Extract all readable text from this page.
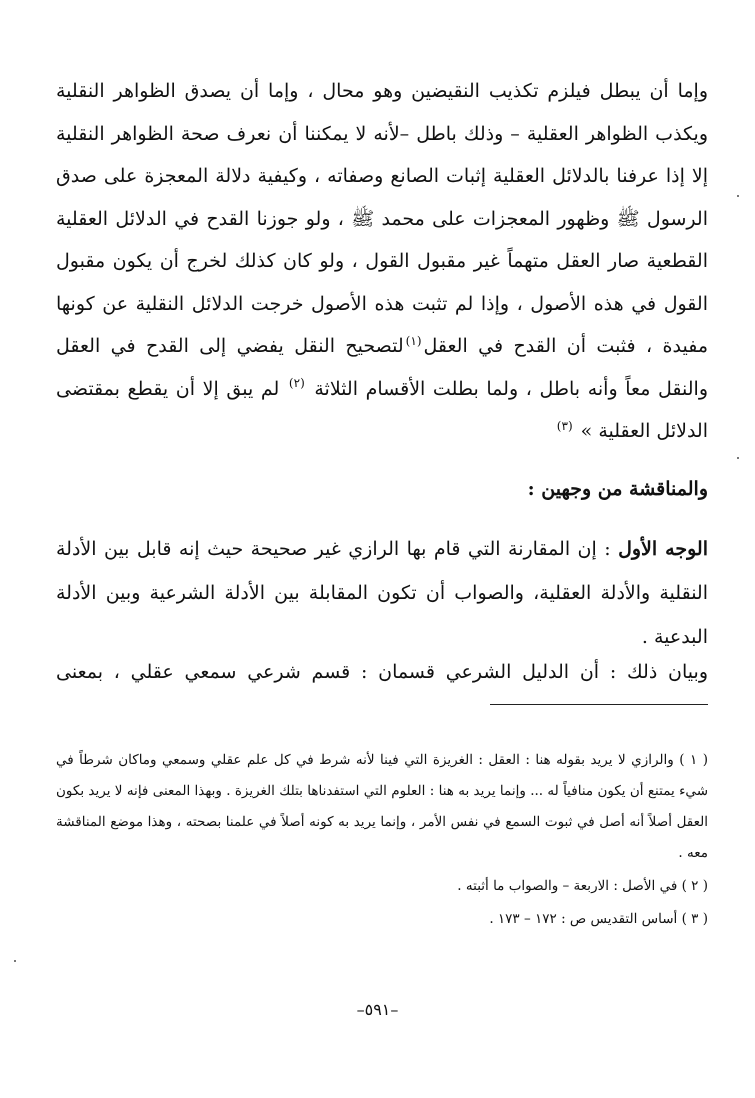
وإما أن يبطل فيلزم تكذيب النقيضين وهو محال ، وإما أن يصدق الظواهر النقلية ويكذب الظواهر العقلية – وذلك باطل –لأنه لا يمكننا أن نعرف صحة الظواهر النقلية إلا إذا عرفنا بالدلائل العقلية إثبات الصانع وصفاته ، وكيفية دلالة المعجزة على صدق الرسول ﷺ وظهور المعجزات على محمد ﷺ ، ولو جوزنا القدح في الدلائل العقلية القطعية صار العقل متهماً غير مقبول القول ، ولو كان كذلك لخرج أن يكون مقبول القول في هذه الأصول ، وإذا لم تثبت هذه الأصول خرجت الدلائل النقلية عن كونها مفيدة ، فثبت أن القدح في العقل$^{(١)}$لتصحيح النقل يفضي إلى القدح في العقل والنقل معاً وأنه باطل ، ولما بطلت الأقسام الثلاثة $^{(٢)}$ لم يبق إلا أن يقطع بمقتضى الدلائل العقلية » $^{(٣)}$

والمناقشة من وجهين :

الوجه الأول : إن المقارنة التي قام بها الرازي غير صحيحة حيث إنه قابل بين الأدلة النقلية والأدلة العقلية، والصواب أن تكون المقابلة بين الأدلة الشرعية وبين الأدلة البدعية .

وبيان ذلك : أن الدليل الشرعي قسمان : قسم شرعي سمعي عقلي ، بمعنى

( ١ ) والرازي لا يريد بقوله هنا : العقل : الغريزة التي فينا لأنه شرط في كل علم عقلي وسمعي وماكان شرطاً في شيء يمتنع أن يكون منافياً له ... وإنما يريد به هنا : العلوم التي استفدناها بتلك الغريزة . وبهذا المعنى فإنه لا يريد بكون العقل أصلاً أنه أصل في ثبوت السمع في نفس الأمر ، وإنما يريد به كونه أصلاً في علمنا بصحته ، وهذا موضع المناقشة معه .

( ٢ ) في الأصل : الاربعة – والصواب ما أثبته .

( ٣ ) أساس التقديس ص : ١٧٢ – ١٧٣ .

–٥٩١–
